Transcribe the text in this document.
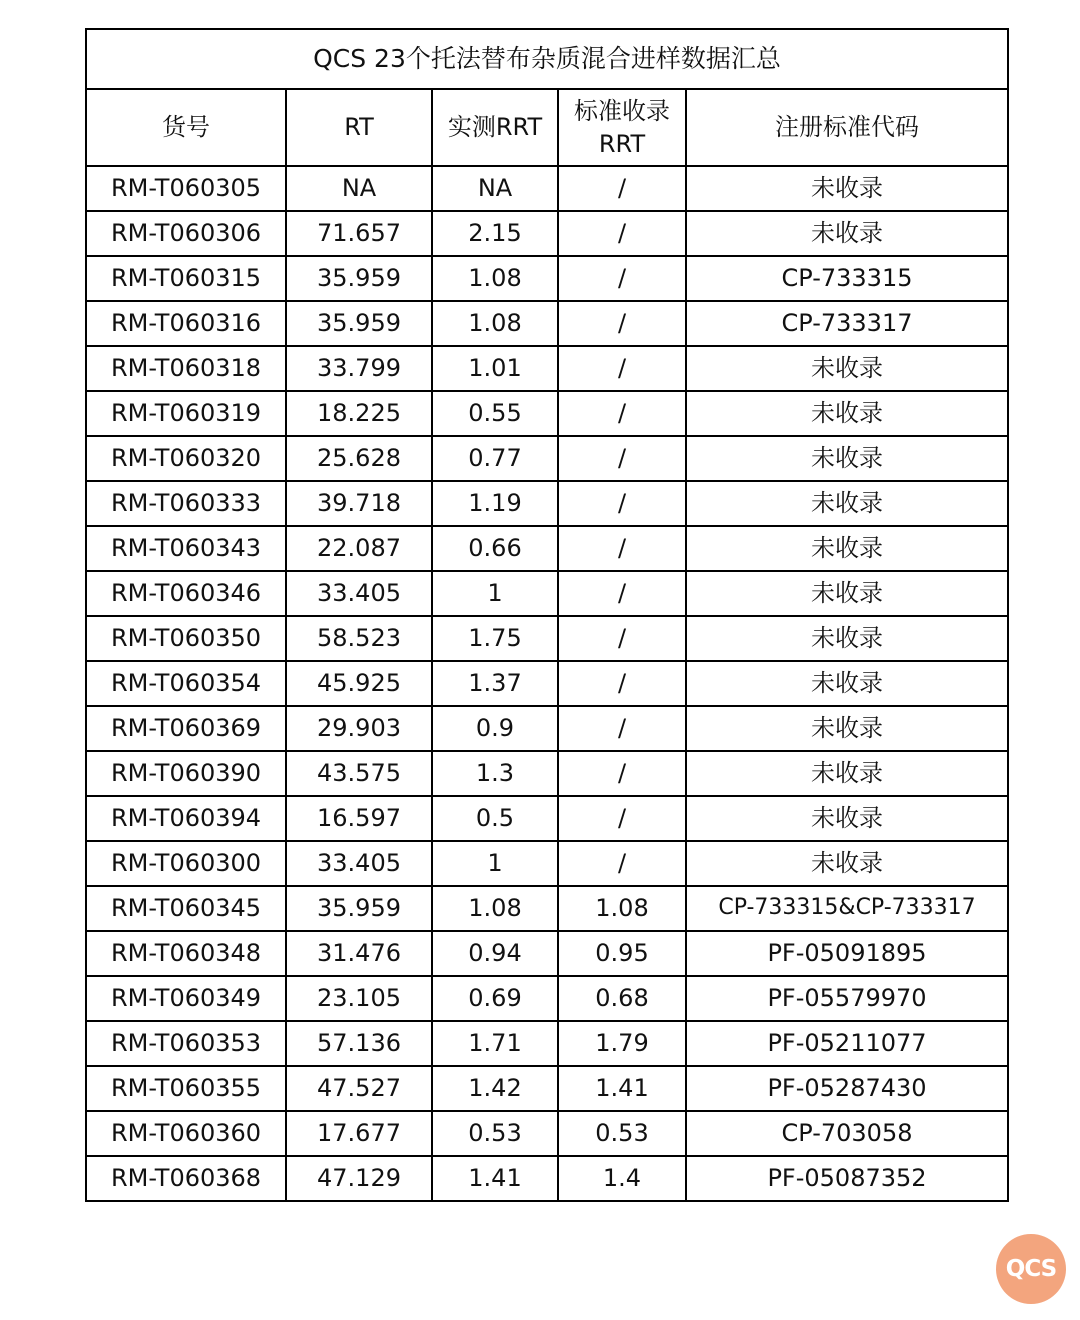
QCS 23个托法替布杂质混合进样数据汇总				
货号	RT	实测RRT	标准收录RRT	注册标准代码
RM-T060305	NA	NA	/	未收录
RM-T060306	71.657	2.15	/	未收录
RM-T060315	35.959	1.08	/	CP-733315
RM-T060316	35.959	1.08	/	CP-733317
RM-T060318	33.799	1.01	/	未收录
RM-T060319	18.225	0.55	/	未收录
RM-T060320	25.628	0.77	/	未收录
RM-T060333	39.718	1.19	/	未收录
RM-T060343	22.087	0.66	/	未收录
RM-T060346	33.405	1	/	未收录
RM-T060350	58.523	1.75	/	未收录
RM-T060354	45.925	1.37	/	未收录
RM-T060369	29.903	0.9	/	未收录
RM-T060390	43.575	1.3	/	未收录
RM-T060394	16.597	0.5	/	未收录
RM-T060300	33.405	1	/	未收录
RM-T060345	35.959	1.08	1.08	CP-733315&CP-733317
RM-T060348	31.476	0.94	0.95	PF-05091895
RM-T060349	23.105	0.69	0.68	PF-05579970
RM-T060353	57.136	1.71	1.79	PF-05211077
RM-T060355	47.527	1.42	1.41	PF-05287430
RM-T060360	17.677	0.53	0.53	CP-703058
RM-T060368	47.129	1.41	1.4	PF-05087352
QCS
